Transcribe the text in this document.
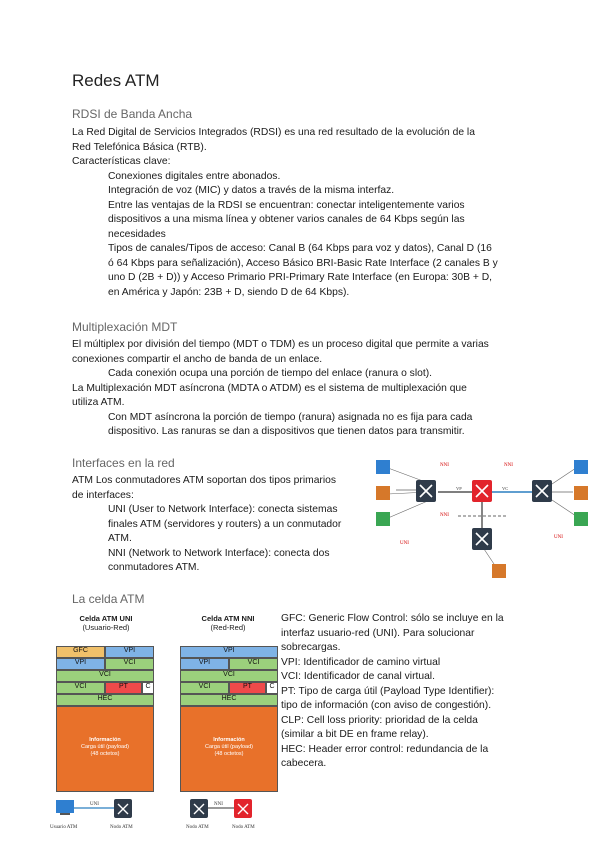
Redes ATM
RDSI de Banda Ancha
La Red Digital de Servicios Integrados (RDSI) es una red resultado de la evolución de la
Red Telefónica Básica (RTB).
Características clave:
Conexiones digitales entre abonados.
Integración de voz (MIC) y datos a través de la misma interfaz.
Entre las ventajas de la RDSI se encuentran: conectar inteligentemente varios
dispositivos a una misma línea y obtener varios canales de 64 Kbps según las
necesidades
Tipos de canales/Tipos de acceso: Canal B (64 Kbps para voz y datos), Canal D (16
ó 64 Kbps para señalización), Acceso Básico BRI-Basic Rate Interface (2 canales B y
uno D (2B + D)) y Acceso Primario PRI-Primary Rate Interface (en Europa: 30B + D,
en América y Japón: 23B + D, siendo D de 64 Kbps).
Multiplexación MDT
El múltiplex por división del tiempo (MDT o TDM) es un proceso digital que permite a varias
conexiones compartir el ancho de banda de un enlace.
Cada conexión ocupa una porción de tiempo del enlace (ranura o slot).
La Multiplexación MDT asíncrona (MDTA o ATDM) es el sistema de multiplexación que
utiliza ATM.
Con MDT asíncrona la porción de tiempo (ranura) asignada no es fija para cada
dispositivo. Las ranuras se dan a dispositivos que tienen datos para transmitir.
Interfaces en la red
ATM Los conmutadores ATM soportan dos tipos primarios
de interfaces:
UNI (User to Network Interface): conecta sistemas
finales ATM (servidores y routers) a un conmutador
ATM.
NNI (Network to Network Interface): conecta dos
conmutadores ATM.
NNI	NNI
NNI
UNI
UNI
VP	VC
La celda ATM
Celda ATM UNI
(Usuario-Red)
GFC	VPI
VPI	VCI
VCI
VCI	PT	C
HEC
Información
Carga útil (payload)
(48 octetos)
Celda ATM NNI
(Red-Red)
VPI
VPI	VCI
VCI
VCI	PT	C
HEC
Información
Carga útil (payload)
(48 octetos)
UNI	NNI
Usuario ATM	Nodo ATM	Nodo ATM	Nodo ATM
GFC: Generic Flow Control: sólo se incluye en la
interfaz usuario-red (UNI). Para solucionar
sobrecargas.
VPI: Identificador de camino virtual
VCI: Identificador de canal virtual.
PT: Tipo de carga útil (Payload Type Identifier):
tipo de información (con aviso de congestión).
CLP: Cell loss priority: prioridad de la celda
(similar a bit DE en frame relay).
HEC: Header error control: redundancia de la
cabecera.
